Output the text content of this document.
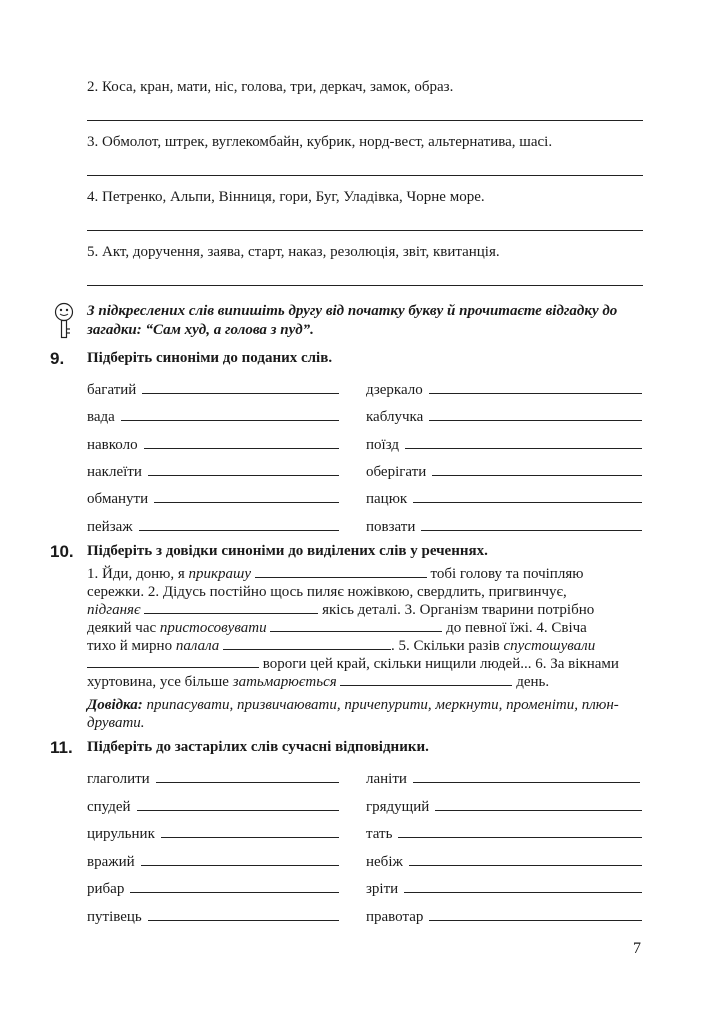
2. Коса, кран, мати, ніс, голова, три, деркач, замок, образ.
3. Обмолот, штрек, вуглекомбайн, кубрик, норд-вест, альтернатива, шасі.
4. Петренко, Альпи, Вінниця, гори, Буг, Уладівка, Чорне море.
5. Акт, доручення, заява, старт, наказ, резолюція, звіт, квитанція.
З підкреслених слів випишіть другу від початку букву й прочитаєте відгадку до
загадки: “Сам худ, а голова з пуд”.
9. Підберіть синоніми до поданих слів.
багатий	дзеркало
вада	каблучка
навколо	поїзд
наклеїти	оберігати
обманути	пацюк
пейзаж	повзати
10. Підберіть з довідки синоніми до виділених слів у реченнях.
1. Йди, доню, я прикрашу	тобі голову та почіпляю
сережки. 2. Дідусь постійно щось пиляє ножівкою, свердлить, пригвинчує,
підганяє	якісь деталі. 3. Організм тварини потрібно
деякий час пристосовувати	до певної їжі. 4. Свіча
тихо й мирно палала	. 5. Скільки разів спустошували
вороги цей край, скільки нищили людей... 6. За вікнами
хуртовина, усе більше затьмарюється	день.
Довідка: припасувати, призвичаювати, причепурити, меркнути, променіти, плюн-
друвати.
11. Підберіть до застарілих слів сучасні відповідники.
глаголити	ланіти
спудей	грядущий
цирульник	тать
вражий	небіж
рибар	зріти
путівець	правотар
7
